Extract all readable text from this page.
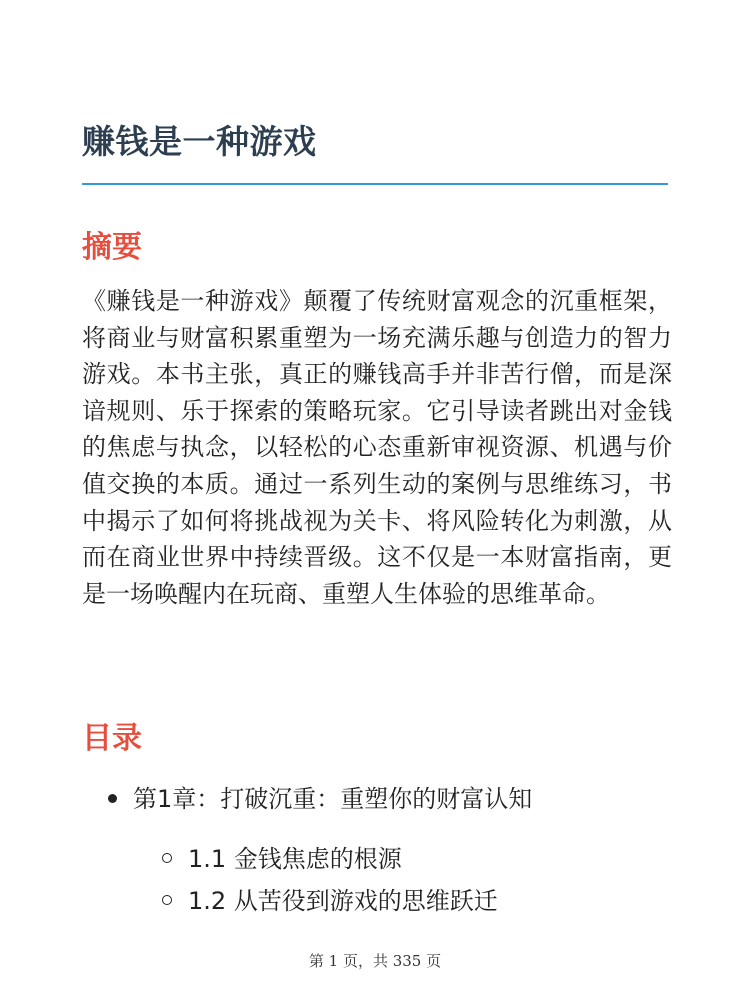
赚钱是一种游戏
摘要

《赚钱是一种游戏》颠覆了传统财富观念的沉重框架，将商业与财富积累重塑为一场充满乐趣与创造力的智力游戏。本书主张，真正的赚钱高手并非苦行僧，而是深谙规则、乐于探索的策略玩家。它引导读者跳出对金钱的焦虑与执念，以轻松的心态重新审视资源、机遇与价值交换的本质。通过一系列生动的案例与思维练习，书中揭示了如何将挑战视为关卡、将风险转化为刺激，从而在商业世界中持续晋级。这不仅是一本财富指南，更是一场唤醒内在玩商、重塑人生体验的思维革命。

目录
第1章：打破沉重：重塑你的财富认知
1.1 金钱焦虑的根源
1.2 从苦役到游戏的思维跃迁
第 1 页，共 335 页
